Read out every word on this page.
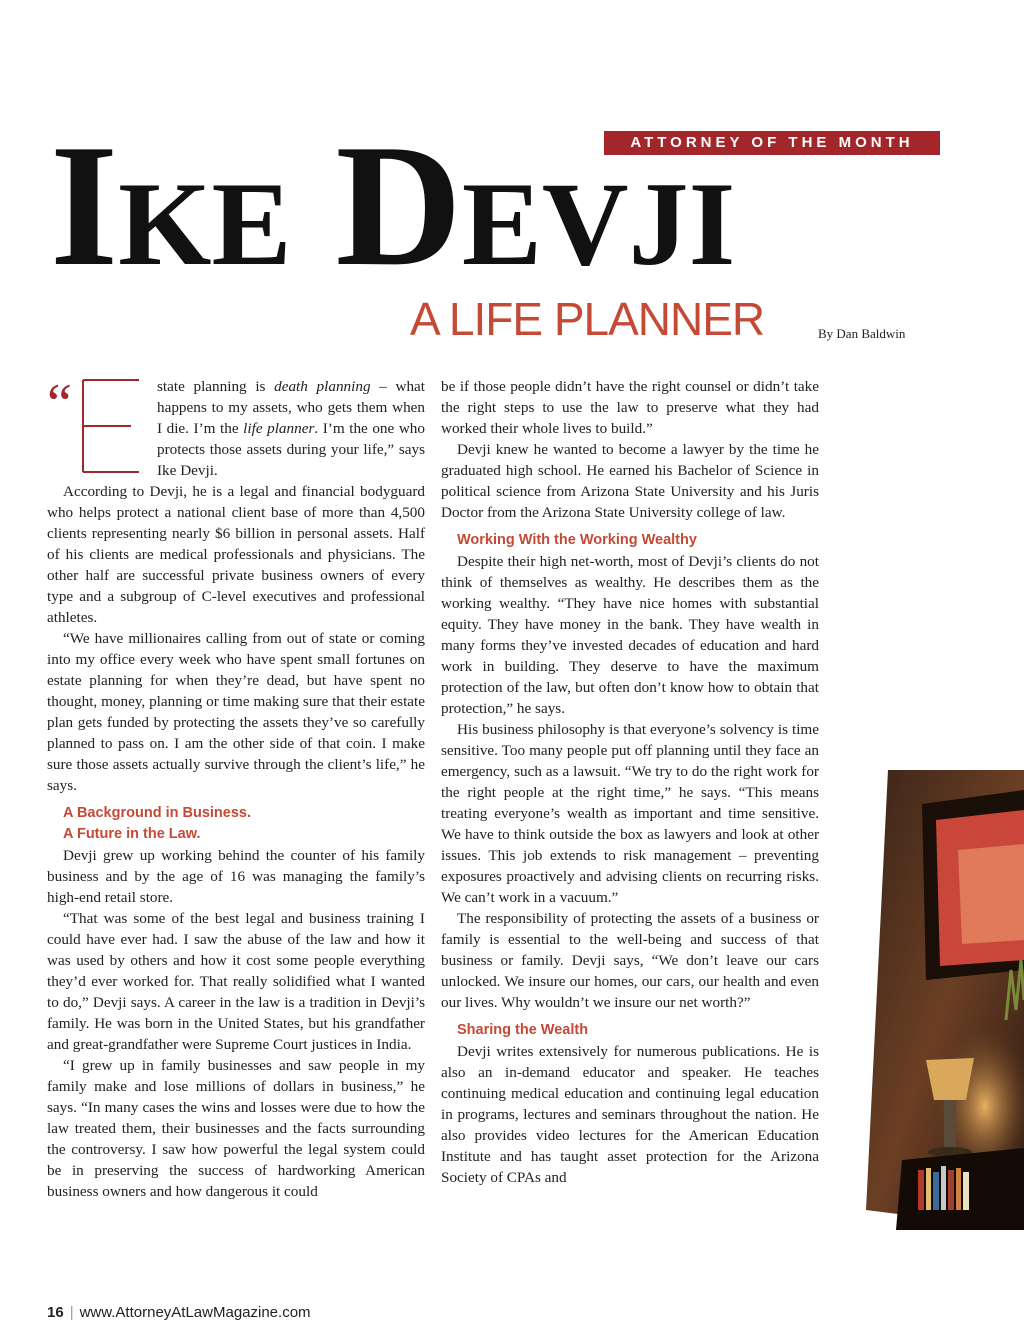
ATTORNEY OF THE MONTH
IKE DEVJI
A LIFE PLANNER	By Dan Baldwin
“	state planning is death planning – what happens to my assets, who gets them when I die. I’m the life planner. I’m the one who protects those assets during your life,” says Ike Devji.

According to Devji, he is a legal and financial bodyguard who helps protect a national client base of more than 4,500 clients representing nearly $6 billion in personal assets. Half of his clients are medical professionals and physicians. The other half are successful private business owners of every type and a subgroup of C-level executives and professional athletes.

“We have millionaires calling from out of state or coming into my office every week who have spent small fortunes on estate planning for when they’re dead, but have spent no thought, money, planning or time making sure that their estate plan gets funded by protecting the assets they’ve so carefully planned to pass on. I am the other side of that coin. I make sure those assets actually survive through the client’s life,” he says.

A Background in Business.

A Future in the Law.

Devji grew up working behind the counter of his family business and by the age of 16 was managing the family’s high-end retail store.

“That was some of the best legal and business training I could have ever had. I saw the abuse of the law and how it was used by others and how it cost some people everything they’d ever worked for. That really solidified what I wanted to do,” Devji says. A career in the law is a tradition in Devji’s family. He was born in the United States, but his grandfather and great-grandfather were Supreme Court justices in India.

“I grew up in family businesses and saw people in my family make and lose millions of dollars in business,” he says. “In many cases the wins and losses were due to how the law treated them, their businesses and the facts surrounding the controversy. I saw how powerful the legal system could be in preserving the success of hardworking American business owners and how dangerous it could

be if those people didn’t have the right counsel or didn’t take the right steps to use the law to preserve what they had worked their whole lives to build.”

Devji knew he wanted to become a lawyer by the time he graduated high school. He earned his Bachelor of Science in political science from Arizona State University and his Juris Doctor from the Arizona State University college of law.

Working With the Working Wealthy

Despite their high net-worth, most of Devji’s clients do not think of themselves as wealthy. He describes them as the working wealthy. “They have nice homes with substantial equity. They have money in the bank. They have wealth in many forms they’ve invested decades of education and hard work in building. They deserve to have the maximum protection of the law, but often don’t know how to obtain that protection,” he says.

His business philosophy is that everyone’s solvency is time sensitive. Too many people put off planning until they face an emergency, such as a lawsuit. “We try to do the right work for the right people at the right time,” he says. “This means treating everyone’s wealth as important and time sensitive. We have to think outside the box as lawyers and look at other issues. This job extends to risk management – preventing exposures proactively and advising clients on recurring risks. We can’t work in a vacuum.”

The responsibility of protecting the assets of a business or family is essential to the well-being and success of that business or family. Devji says, “We don’t leave our cars unlocked. We insure our homes, our cars, our health and even our lives. Why wouldn’t we insure our net worth?”

Sharing the Wealth

Devji writes extensively for numerous publications. He is also an in-demand educator and speaker. He teaches continuing medical education and continuing legal education in programs, lectures and seminars throughout the nation. He also provides video lectures for the American Education Institute and has taught asset protection for the Arizona Society of CPAs and

16 | www.AttorneyAtLawMagazine.com
